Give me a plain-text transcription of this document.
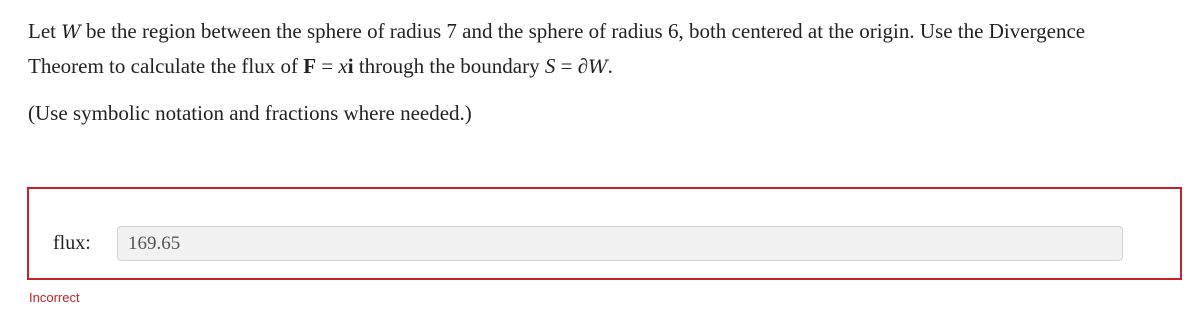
Let W be the region between the sphere of radius 7 and the sphere of radius 6, both centered at the origin. Use the Divergence

Theorem to calculate the flux of F = xi through the boundary S = ∂W.

(Use symbolic notation and fractions where needed.)

flux:	169.65
Incorrect
